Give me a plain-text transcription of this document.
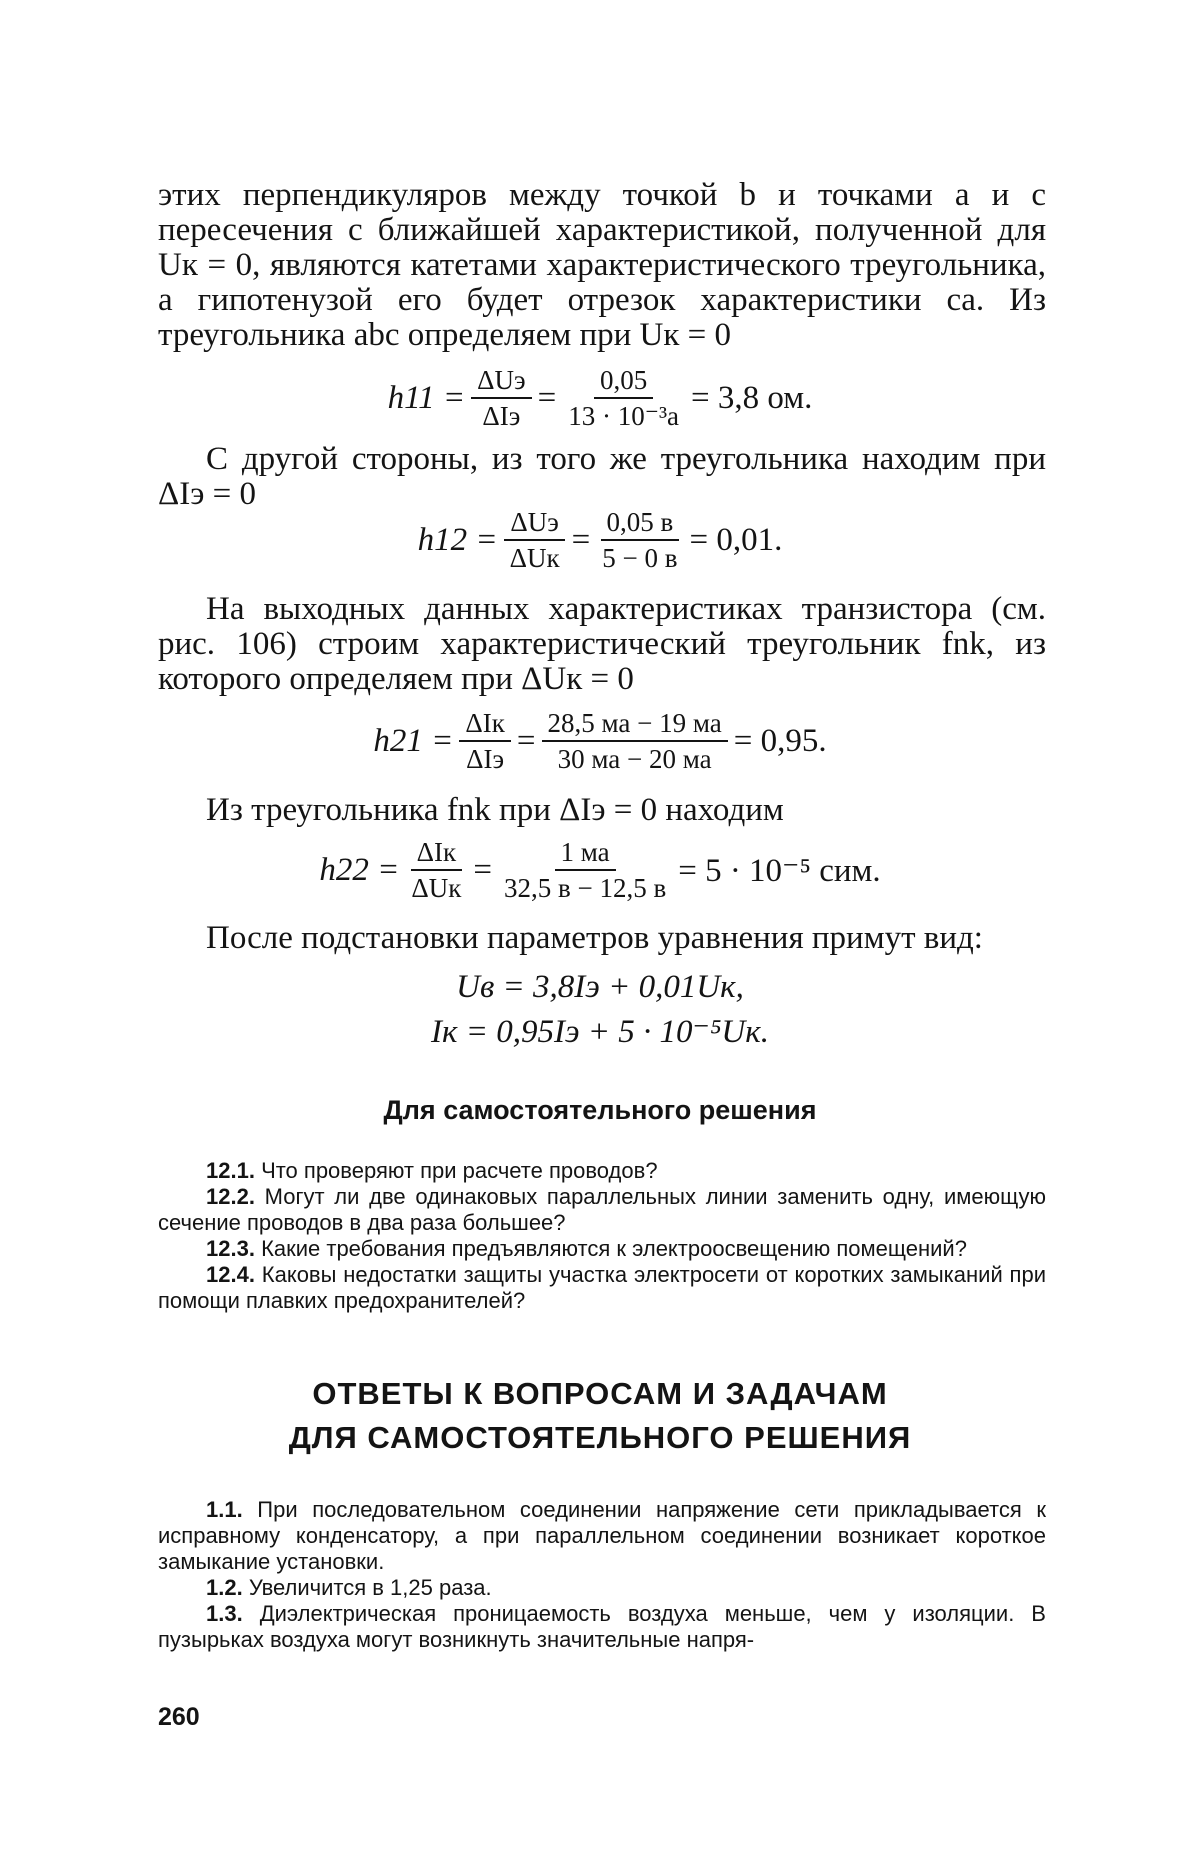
этих перпендикуляров между точкой b и точками a и c пересечения с ближайшей характеристикой, полученной для Uк = 0, являются катетами характеристического треугольника, а гипотенузой его будет отрезок характеристики ca. Из треугольника abc определяем при Uк = 0

$h11 = \frac{\text{ΔUэ}}{\text{ΔIэ}} = \frac{0,05}{\text{13 · 10⁻³a}} = 3,8$ ом.

С другой стороны, из того же треугольника находим при ΔIэ = 0

$h12 = \frac{\text{ΔUэ}}{\text{ΔUк}} = \frac{0,05 в}{5 - 0 в} = 0,01$.

На выходных данных характеристиках транзистора (см. рис. 106) строим характеристический треугольник fnk, из которого определяем при ΔUк = 0

$h21 = \frac{\text{ΔIк}}{\text{ΔIэ}} = \frac{28,5 ма - 19 ма}{30 ма - 20 ма} = 0,95$.

Из треугольника fnk при ΔIэ = 0 находим

$h22 = \frac{\text{ΔIк}}{\text{ΔUк}} = \frac{1 ма}{32,5 в - 12,5 в} = 5 \cdot 10^{-5}$ сим.

После подстановки параметров уравнения примут вид:

Uв = 3,8Iэ + 0,01Uк,
Iк = 0,95Iэ + 5 · 10⁻⁵Uк.
Для самостоятельного решения
12.1. Что проверяют при расчете проводов?
12.2. Могут ли две одинаковых параллельных линии заменить одну, имеющую сечение проводов в два раза большее?
12.3. Какие требования предъявляются к электроосвещению помещений?
12.4. Каковы недостатки защиты участка электросети от коротких замыканий при помощи плавких предохранителей?
ОТВЕТЫ К ВОПРОСАМ И ЗАДАЧАМ
ДЛЯ САМОСТОЯТЕЛЬНОГО РЕШЕНИЯ
1.1. При последовательном соединении напряжение сети прикладывается к исправному конденсатору, а при параллельном соединении возникает короткое замыкание установки.
1.2. Увеличится в 1,25 раза.
1.3. Диэлектрическая проницаемость воздуха меньше, чем у изоляции. В пузырьках воздуха могут возникнуть значительные напря-
260
